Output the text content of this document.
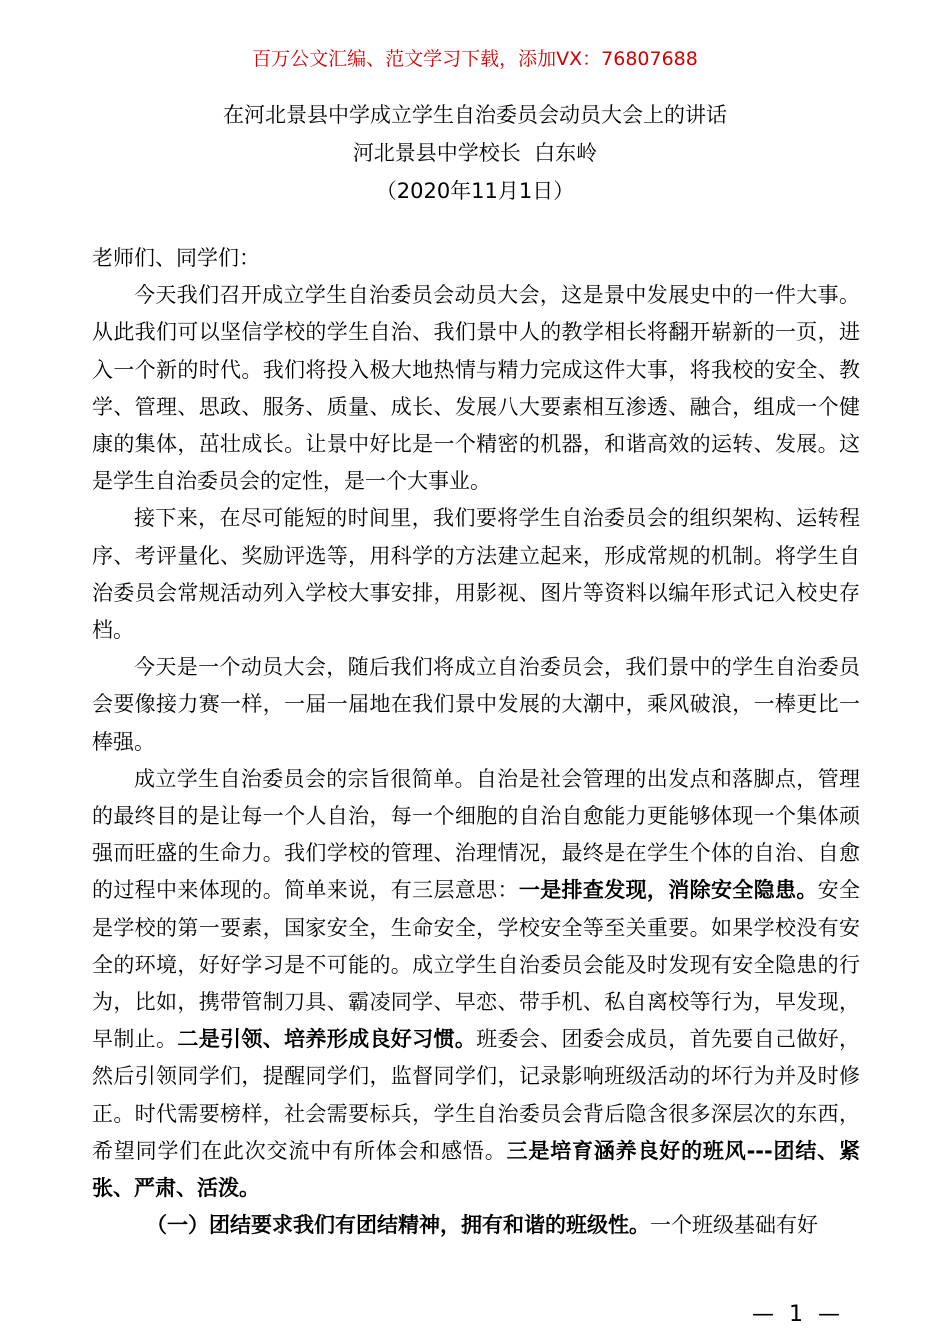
百万公文汇编、范文学习下载，添加VX：76807688
在河北景县中学成立学生自治委员会动员大会上的讲话
河北景县中学校长  白东岭
（2020年11月1日）

老师们、同学们：

今天我们召开成立学生自治委员会动员大会，这是景中发展史中的一件大事。从此我们可以坚信学校的学生自治、我们景中人的教学相长将翻开崭新的一页，进入一个新的时代。我们将投入极大地热情与精力完成这件大事，将我校的安全、教学、管理、思政、服务、质量、成长、发展八大要素相互渗透、融合，组成一个健康的集体，茁壮成长。让景中好比是一个精密的机器，和谐高效的运转、发展。这是学生自治委员会的定性，是一个大事业。

接下来，在尽可能短的时间里，我们要将学生自治委员会的组织架构、运转程序、考评量化、奖励评选等，用科学的方法建立起来，形成常规的机制。将学生自治委员会常规活动列入学校大事安排，用影视、图片等资料以编年形式记入校史存档。

今天是一个动员大会，随后我们将成立自治委员会，我们景中的学生自治委员会要像接力赛一样，一届一届地在我们景中发展的大潮中，乘风破浪，一棒更比一棒强。

成立学生自治委员会的宗旨很简单。自治是社会管理的出发点和落脚点，管理的最终目的是让每一个人自治，每一个细胞的自治自愈能力更能够体现一个集体顽强而旺盛的生命力。我们学校的管理、治理情况，最终是在学生个体的自治、自愈的过程中来体现的。简单来说，有三层意思：一是排查发现，消除安全隐患。安全是学校的第一要素，国家安全，生命安全，学校安全等至关重要。如果学校没有安全的环境，好好学习是不可能的。成立学生自治委员会能及时发现有安全隐患的行为，比如，携带管制刀具、霸凌同学、早恋、带手机、私自离校等行为，早发现，早制止。二是引领、培养形成良好习惯。班委会、团委会成员，首先要自己做好，然后引领同学们，提醒同学们，监督同学们，记录影响班级活动的坏行为并及时修正。时代需要榜样，社会需要标兵，学生自治委员会背后隐含很多深层次的东西，希望同学们在此次交流中有所体会和感悟。三是培育涵养良好的班风---团结、紧张、严肃、活泼。

（一）团结要求我们有团结精神，拥有和谐的班级性。一个班级基础有好

— 1 —
